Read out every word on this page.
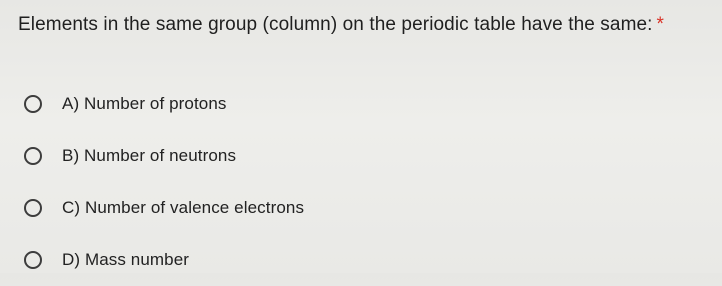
Elements in the same group (column) on the periodic table have the same: *
A) Number of protons
B) Number of neutrons
C) Number of valence electrons
D) Mass number
